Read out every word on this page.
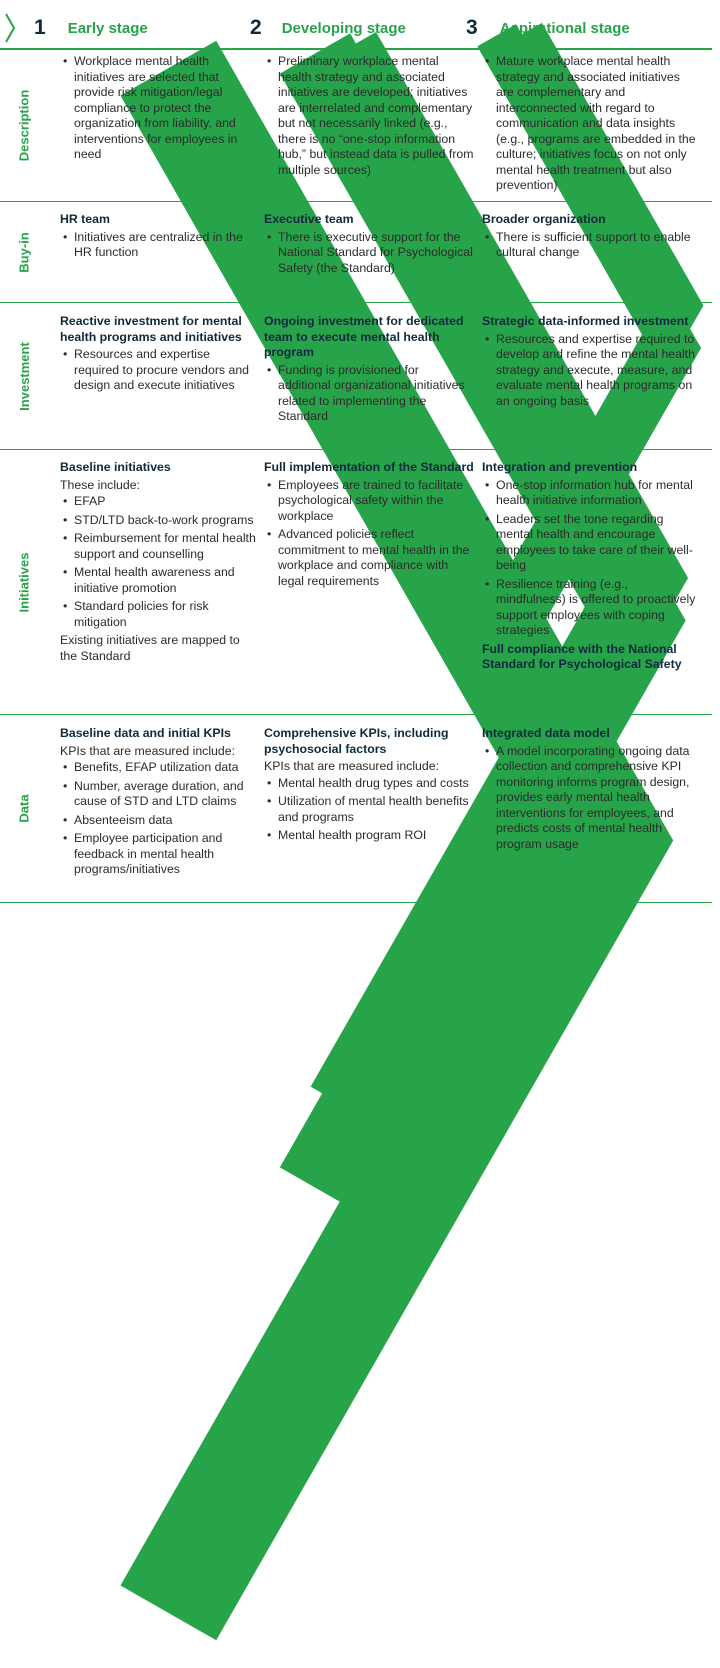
1 Early stage	2 Developing stage	3 Aspirational stage
Description
Buy-in
Investment
Initiatives
Data
• Workplace mental health initiatives are selected that provide risk mitigation/legal compliance to protect the organization from liability, and interventions for employees in need
• Preliminary workplace mental health strategy and associated initiatives are developed; initiatives are interrelated and complementary but not necessarily linked (e.g., there is no “one-stop information hub,” but instead data is pulled from multiple sources)
• Mature workplace mental health strategy and associated initiatives are complementary and interconnected with regard to communication and data insights (e.g., programs are embedded in the culture; initiatives focus on not only mental health treatment but also prevention)
HR team
• Initiatives are centralized in the HR function
Executive team
• There is executive support for the National Standard for Psychological Safety (the Standard)
Broader organization
• There is sufficient support to enable cultural change
Reactive investment for mental health programs and initiatives
• Resources and expertise required to procure vendors and design and execute initiatives
Ongoing investment for dedicated team to execute mental health program
• Funding is provisioned for additional organizational initiatives related to implementing the Standard
Strategic data-informed investment
• Resources and expertise required to develop and refine the mental health strategy and execute, measure, and evaluate mental health programs on an ongoing basis
Baseline initiatives
These include:
• EFAP
• STD/LTD back-to-work programs
• Reimbursement for mental health support and counselling
• Mental health awareness and initiative promotion
• Standard policies for risk mitigation
Existing initiatives are mapped to the Standard
Full implementation of the Standard
• Employees are trained to facilitate psychological safety within the workplace
• Advanced policies reflect commitment to mental health in the workplace and compliance with legal requirements
Integration and prevention
• One-stop information hub for mental health initiative information
• Leaders set the tone regarding mental health and encourage employees to take care of their well-being
• Resilience training (e.g., mindfulness) is offered to proactively support employees with coping strategies
Full compliance with the National Standard for Psychological Safety
Baseline data and initial KPIs
KPIs that are measured include:
• Benefits, EFAP utilization data
• Number, average duration, and cause of STD and LTD claims
• Absenteeism data
• Employee participation and feedback in mental health programs/initiatives
Comprehensive KPIs, including psychosocial factors
KPIs that are measured include:
• Mental health drug types and costs
• Utilization of mental health benefits and programs
• Mental health program ROI
Integrated data model
• A model incorporating ongoing data collection and comprehensive KPI monitoring informs program design, provides early mental health interventions for employees, and predicts costs of mental health program usage
